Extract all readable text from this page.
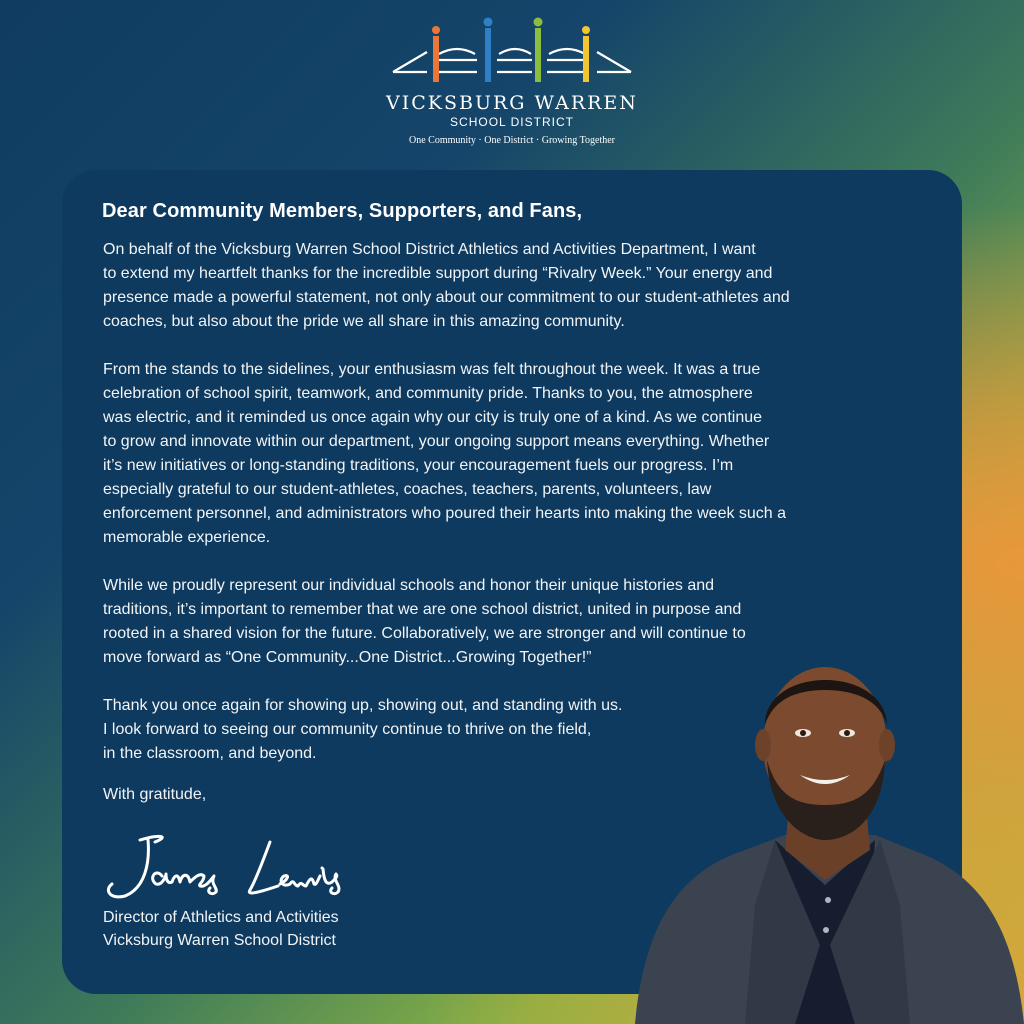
VICKSBURG WARREN
SCHOOL DISTRICT
One Community · One District · Growing Together
Dear Community Members, Supporters, and Fans,

On behalf of the Vicksburg Warren School District Athletics and Activities Department, I want
to extend my heartfelt thanks for the incredible support during “Rivalry Week.” Your energy and
presence made a powerful statement, not only about our commitment to our student-athletes and
coaches, but also about the pride we all share in this amazing community.

From the stands to the sidelines, your enthusiasm was felt throughout the week. It was a true
celebration of school spirit, teamwork, and community pride. Thanks to you, the atmosphere
was electric, and it reminded us once again why our city is truly one of a kind. As we continue
to grow and innovate within our department, your ongoing support means everything. Whether
it’s new initiatives or long-standing traditions, your encouragement fuels our progress. I’m
especially grateful to our student-athletes, coaches, teachers, parents, volunteers, law
enforcement personnel, and administrators who poured their hearts into making the week such a
memorable experience.

While we proudly represent our individual schools and honor their unique histories and
traditions, it’s important to remember that we are one school district, united in purpose and
rooted in a shared vision for the future. Collaboratively, we are stronger and will continue to
move forward as “One Community...One District...Growing Together!”

Thank you once again for showing up, showing out, and standing with us.
I look forward to seeing our community continue to thrive on the field,
in the classroom, and beyond.

With gratitude,
Director of Athletics and Activities
Vicksburg Warren School District
